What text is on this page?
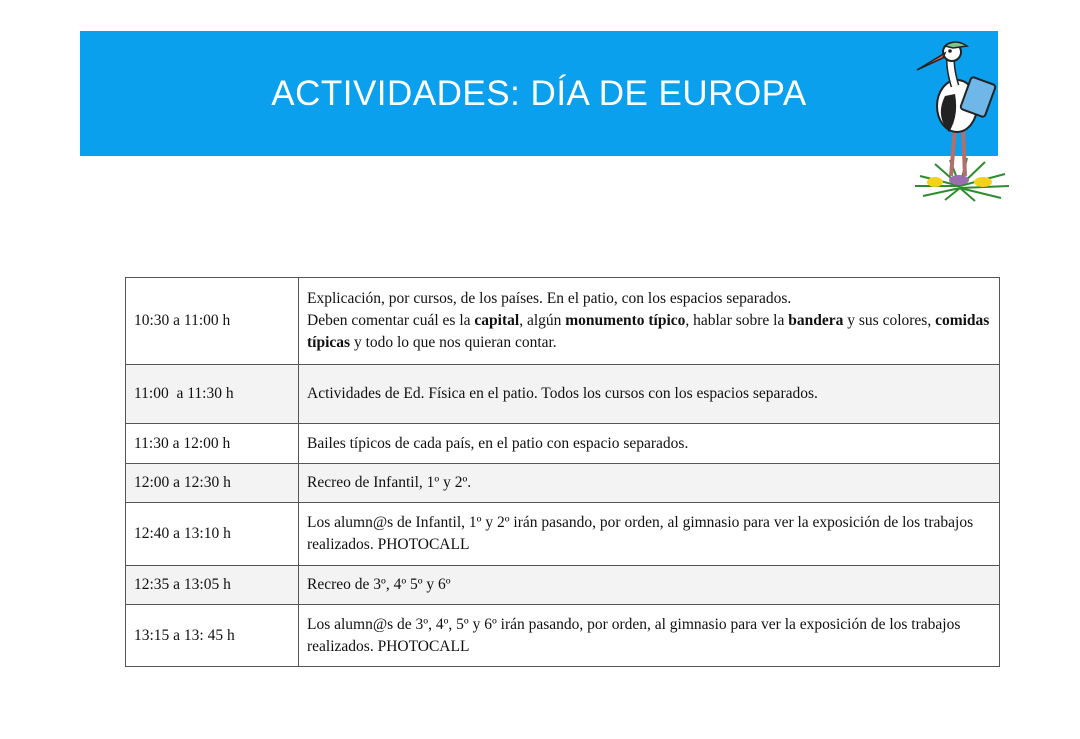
ACTIVIDADES: DÍA DE EUROPA
10:30 a 11:00 h	Explicación, por cursos, de los países. En el patio, con los espacios separados.
Deben comentar cuál es la capital, algún monumento típico, hablar sobre la bandera y sus colores, comidas típicas y todo lo que nos quieran contar.
11:00  a 11:30 h	Actividades de Ed. Física en el patio. Todos los cursos con los espacios separados.
11:30 a 12:00 h	Bailes típicos de cada país, en el patio con espacio separados.
12:00 a 12:30 h	Recreo de Infantil, 1º y 2º.
12:40 a 13:10 h	Los alumn@s de Infantil, 1º y 2º irán pasando, por orden, al gimnasio para ver la exposición de los trabajos realizados. PHOTOCALL
12:35 a 13:05 h	Recreo de 3º, 4º 5º y 6º
13:15 a 13: 45 h	Los alumn@s de 3º, 4º, 5º y 6º irán pasando, por orden, al gimnasio para ver la exposición de los trabajos realizados. PHOTOCALL
